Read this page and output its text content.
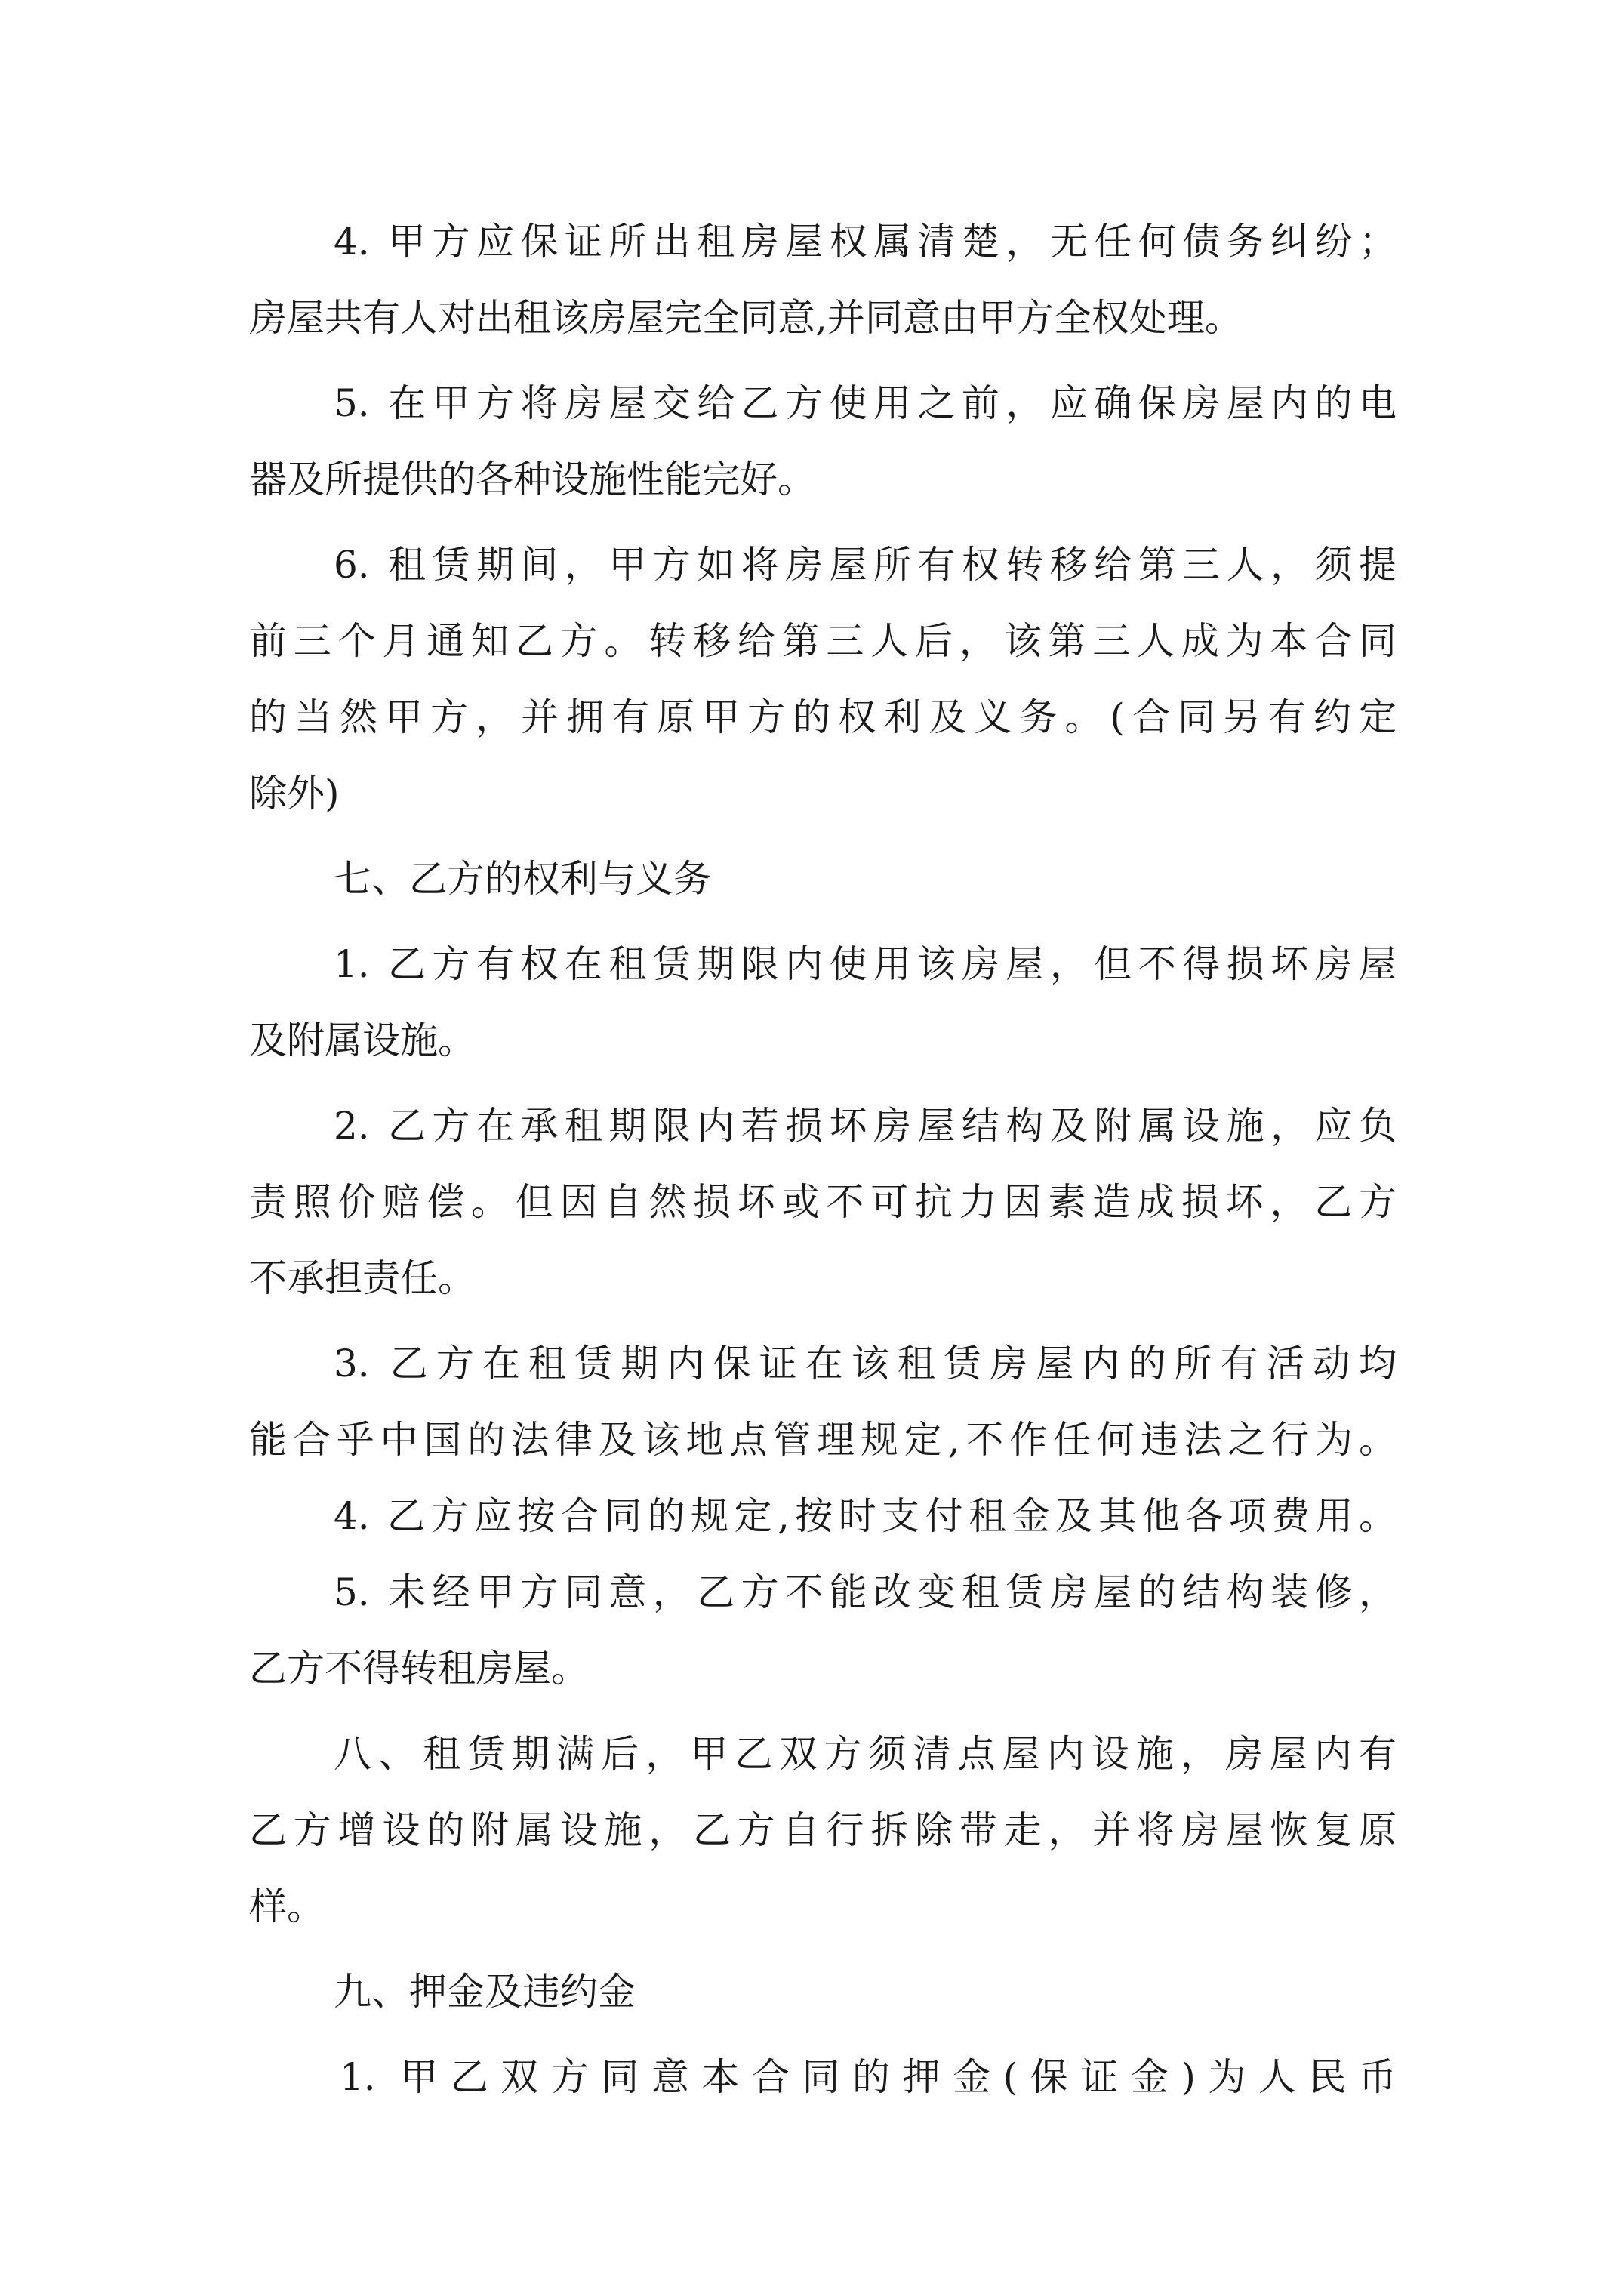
4. 甲方应保证所出租房屋权属清楚，无任何债务纠纷；
房屋共有人对出租该房屋完全同意,并同意由甲方全权处理。
5. 在甲方将房屋交给乙方使用之前，应确保房屋内的电
器及所提供的各种设施性能完好。
6. 租赁期间，甲方如将房屋所有权转移给第三人，须提
前三个月通知乙方。转移给第三人后，该第三人成为本合同
的当然甲方，并拥有原甲方的权利及义务。(合同另有约定
除外)
七、乙方的权利与义务
1. 乙方有权在租赁期限内使用该房屋，但不得损坏房屋
及附属设施。
2. 乙方在承租期限内若损坏房屋结构及附属设施，应负
责照价赔偿。但因自然损坏或不可抗力因素造成损坏，乙方
不承担责任。
3. 乙方在租赁期内保证在该租赁房屋内的所有活动均
能合乎中国的法律及该地点管理规定,不作任何违法之行为。
4. 乙方应按合同的规定,按时支付租金及其他各项费用。
5. 未经甲方同意，乙方不能改变租赁房屋的结构装修，
乙方不得转租房屋。
八、租赁期满后，甲乙双方须清点屋内设施，房屋内有
乙方增设的附属设施，乙方自行拆除带走，并将房屋恢复原
样。
九、押金及违约金
1. 甲乙双方同意本合同的押金(保证金)为人民币
